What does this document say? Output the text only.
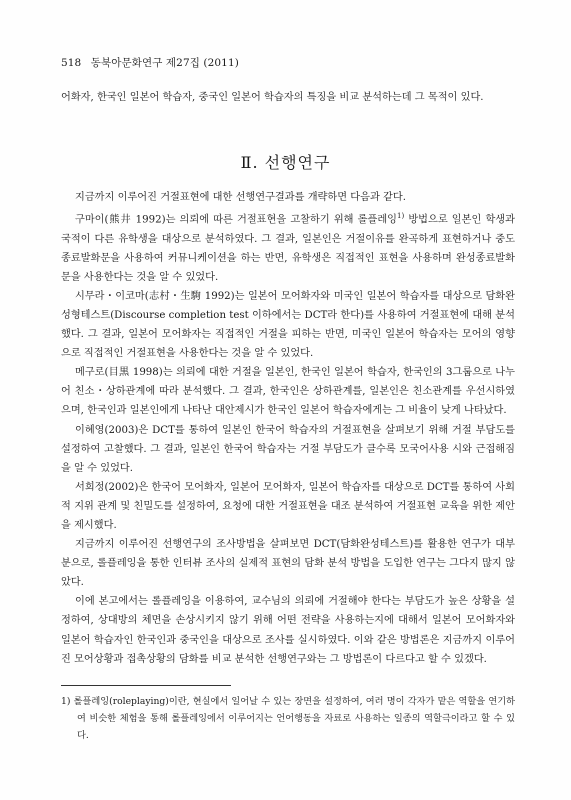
518 동북아문화연구 제27집 (2011)
어화자, 한국인 일본어 학습자, 중국인 일본어 학습자의 특징을 비교 분석하는데 그 목적이 있다.
Ⅱ. 선행연구

지금까지 이루어진 거절표현에 대한 선행연구결과를 개략하면 다음과 같다.

구마이(熊井 1992)는 의뢰에 따른 거절표현을 고찰하기 위해 롤플레잉$^{1)}$ 방법으로 일본인 학생과 국적이 다른 유학생을 대상으로 분석하였다. 그 결과, 일본인은 거절이유를 완곡하게 표현하거나 중도종료발화문을 사용하여 커뮤니케이션을 하는 반면, 유학생은 직접적인 표현을 사용하며 완성종료발화문을 사용한다는 것을 알 수 있었다.

시무라・이코마(志村・生駒 1992)는 일본어 모어화자와 미국인 일본어 학습자를 대상으로 담화완성형테스트(Discourse completion test 이하에서는 DCT라 한다)를 사용하여 거절표현에 대해 분석했다. 그 결과, 일본어 모어화자는 직접적인 거절을 피하는 반면, 미국인 일본어 학습자는 모어의 영향으로 직접적인 거절표현을 사용한다는 것을 알 수 있었다.

메구로(目黒 1998)는 의뢰에 대한 거절을 일본인, 한국인 일본어 학습자, 한국인의 3그룹으로 나누어 친소・상하관계에 따라 분석했다. 그 결과, 한국인은 상하관계를, 일본인은 친소관계를 우선시하였으며, 한국인과 일본인에게 나타난 대안제시가 한국인 일본어 학습자에게는 그 비율이 낮게 나타났다.

이혜영(2003)은 DCT를 통하여 일본인 한국어 학습자의 거절표현을 살펴보기 위해 거절 부담도를 설정하여 고찰했다. 그 결과, 일본인 한국어 학습자는 거절 부담도가 클수록 모국어사용 시와 근접해짐을 알 수 있었다.

서희정(2002)은 한국어 모어화자, 일본어 모어화자, 일본어 학습자를 대상으로 DCT를 통하여 사회적 지위 관계 및 친밀도를 설정하여, 요청에 대한 거절표현을 대조 분석하여 거절표현 교육을 위한 제안을 제시했다.

지금까지 이루어진 선행연구의 조사방법을 살펴보면 DCT(담화완성테스트)를 활용한 연구가 대부분으로, 롤플레잉을 통한 인터뷰 조사의 실제적 표현의 담화 분석 방법을 도입한 연구는 그다지 많지 않았다.

이에 본고에서는 롤플레잉을 이용하여, 교수님의 의뢰에 거절해야 한다는 부담도가 높은 상황을 설정하여, 상대방의 체면을 손상시키지 않기 위해 어떤 전략을 사용하는지에 대해서 일본어 모어화자와 일본어 학습자인 한국인과 중국인을 대상으로 조사를 실시하였다. 이와 같은 방법론은 지금까지 이루어진 모어상황과 접촉상황의 담화를 비교 분석한 선행연구와는 그 방법론이 다르다고 할 수 있겠다.

1) 롤플레잉(roleplaying)이란, 현실에서 일어날 수 있는 장면을 설정하여, 여러 명이 각자가 맡은 역할을 연기하여 비슷한 체험을 통해 롤플레잉에서 이루어지는 언어행동을 자료로 사용하는 일종의 역할극이라고 할 수 있다.
